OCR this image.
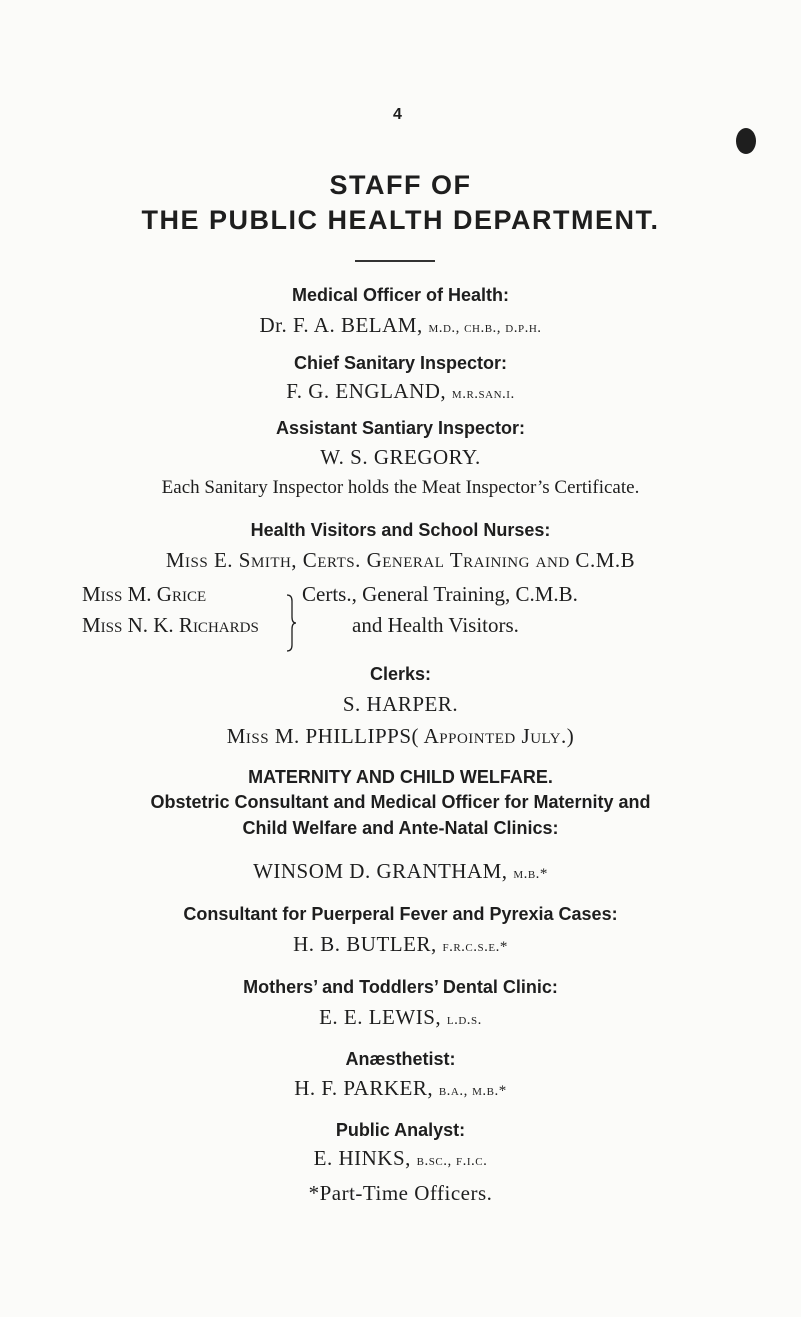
4
STAFF OF
THE PUBLIC HEALTH DEPARTMENT.
Medical Officer of Health:
Dr. F. A. BELAM, m.d., ch.b., d.p.h.
Chief Sanitary Inspector:
F. G. ENGLAND, m.r.san.i.
Assistant Santiary Inspector:
W. S. GREGORY.
Each Sanitary Inspector holds the Meat Inspector’s Certificate.
Health Visitors and School Nurses:
Miss E. Smith, Certs. General Training and C.M.B
Miss M. Grice
Miss N. K. Richards
Certs., General Training, C.M.B.
and Health Visitors.
Clerks:
S. HARPER.
Miss M. PHILLIPPS( Appointed July.)
MATERNITY AND CHILD WELFARE.
Obstetric Consultant and Medical Officer for Maternity and
Child Welfare and Ante-Natal Clinics:
WINSOM D. GRANTHAM, m.b.*
Consultant for Puerperal Fever and Pyrexia Cases:
H. B. BUTLER, f.r.c.s.e.*
Mothers’ and Toddlers’ Dental Clinic:
E. E. LEWIS, l.d.s.
Anæsthetist:
H. F. PARKER, b.a., m.b.*
Public Analyst:
E. HINKS, b.sc., f.i.c.
*Part-Time Officers.
